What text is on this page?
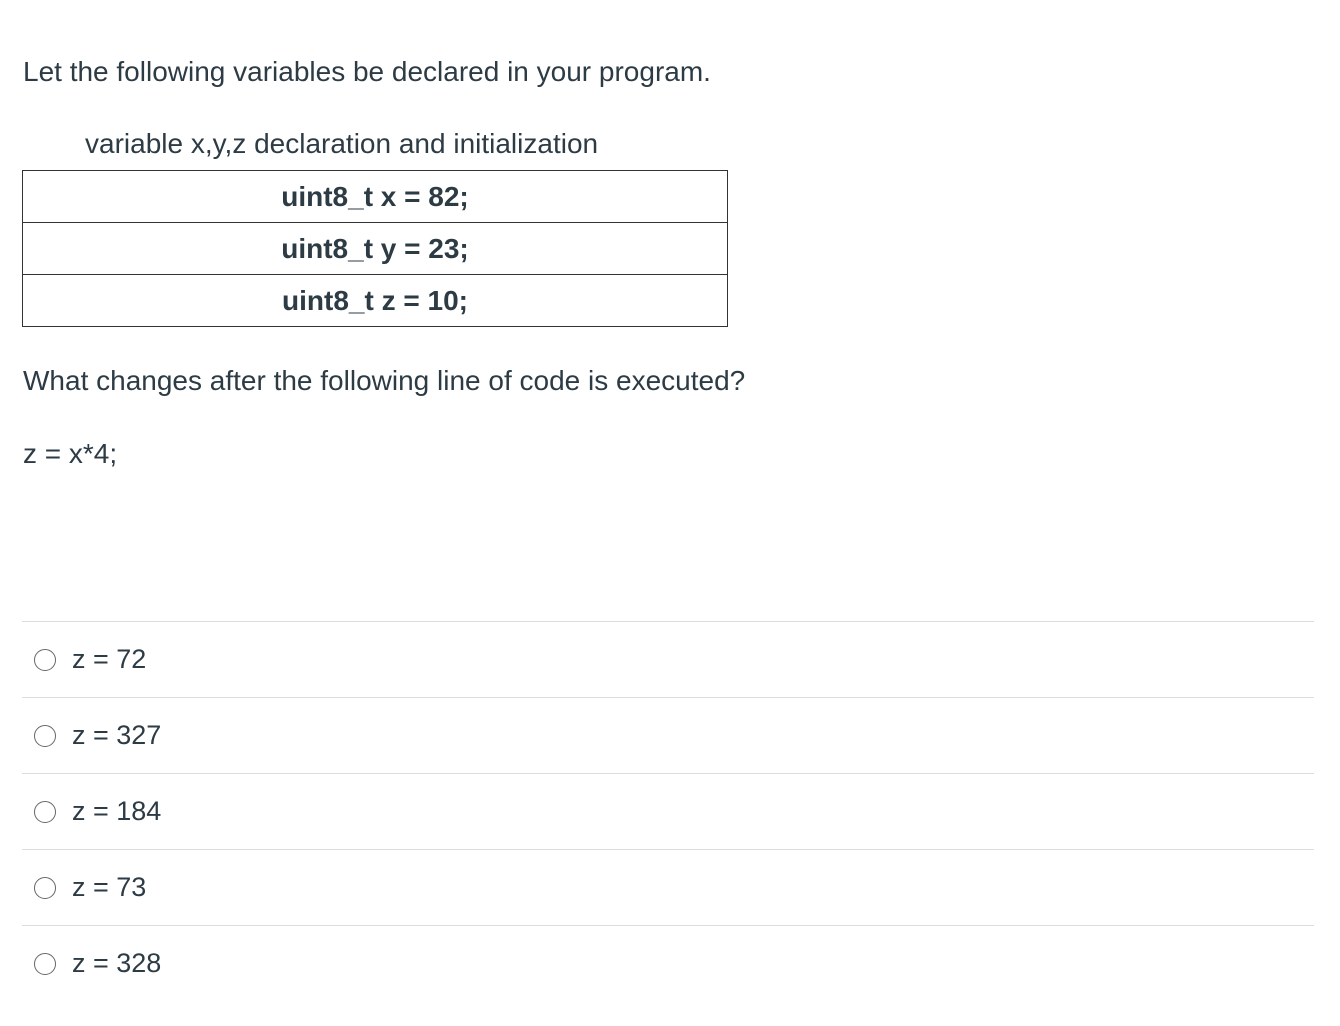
Let the following variables be declared in your program.
variable x,y,z declaration and initialization
uint8_t x = 82;
uint8_t y = 23;
uint8_t z = 10;
What changes after the following line of code is executed?
z = x*4;
z = 72
z = 327
z = 184
z = 73
z = 328
